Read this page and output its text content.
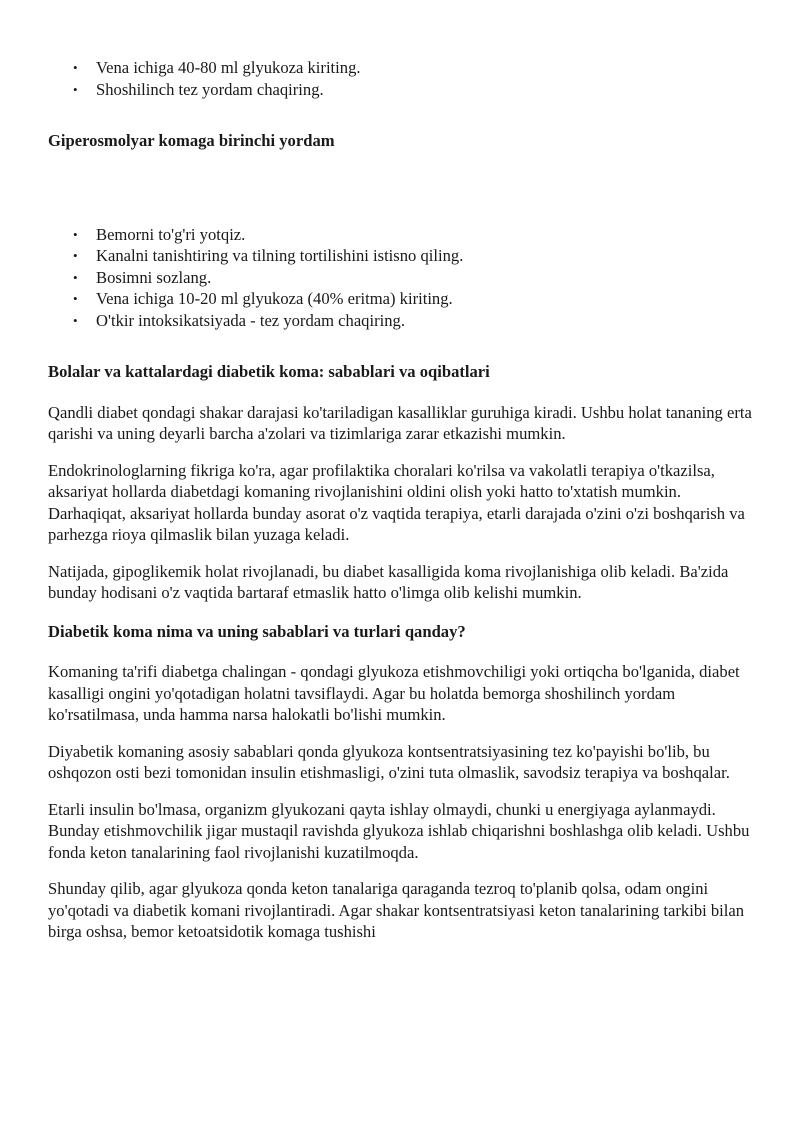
• Vena ichiga 40-80 ml glyukoza kiriting.
• Shoshilinch tez yordam chaqiring.
Giperosmolyar komaga birinchi yordam
• Bemorni to'g'ri yotqiz.
• Kanalni tanishtiring va tilning tortilishini istisno qiling.
• Bosimni sozlang.
• Vena ichiga 10-20 ml glyukoza (40% eritma) kiriting.
• O'tkir intoksikatsiyada - tez yordam chaqiring.
Bolalar va kattalardagi diabetik koma: sabablari va oqibatlari

Qandli diabet qondagi shakar darajasi ko'tariladigan kasalliklar guruhiga kiradi. Ushbu holat tananing erta qarishi va uning deyarli barcha a'zolari va tizimlariga zarar etkazishi mumkin.

Endokrinologlarning fikriga ko'ra, agar profilaktika choralari ko'rilsa va vakolatli terapiya o'tkazilsa, aksariyat hollarda diabetdagi komaning rivojlanishini oldini olish yoki hatto to'xtatish mumkin. Darhaqiqat, aksariyat hollarda bunday asorat o'z vaqtida terapiya, etarli darajada o'zini o'zi boshqarish va parhezga rioya qilmaslik bilan yuzaga keladi.

Natijada, gipoglikemik holat rivojlanadi, bu diabet kasalligida koma rivojlanishiga olib keladi. Ba'zida bunday hodisani o'z vaqtida bartaraf etmaslik hatto o'limga olib kelishi mumkin.

Diabetik koma nima va uning sabablari va turlari qanday?

Komaning ta'rifi diabetga chalingan - qondagi glyukoza etishmovchiligi yoki ortiqcha bo'lganida, diabet kasalligi ongini yo'qotadigan holatni tavsiflaydi. Agar bu holatda bemorga shoshilinch yordam ko'rsatilmasa, unda hamma narsa halokatli bo'lishi mumkin.

Diyabetik komaning asosiy sabablari qonda glyukoza kontsentratsiyasining tez ko'payishi bo'lib, bu oshqozon osti bezi tomonidan insulin etishmasligi, o'zini tuta olmaslik, savodsiz terapiya va boshqalar.

Etarli insulin bo'lmasa, organizm glyukozani qayta ishlay olmaydi, chunki u energiyaga aylanmaydi. Bunday etishmovchilik jigar mustaqil ravishda glyukoza ishlab chiqarishni boshlashga olib keladi. Ushbu fonda keton tanalarining faol rivojlanishi kuzatilmoqda.

Shunday qilib, agar glyukoza qonda keton tanalariga qaraganda tezroq to'planib qolsa, odam ongini yo'qotadi va diabetik komani rivojlantiradi. Agar shakar kontsentratsiyasi keton tanalarining tarkibi bilan birga oshsa, bemor ketoatsidotik komaga tushishi
